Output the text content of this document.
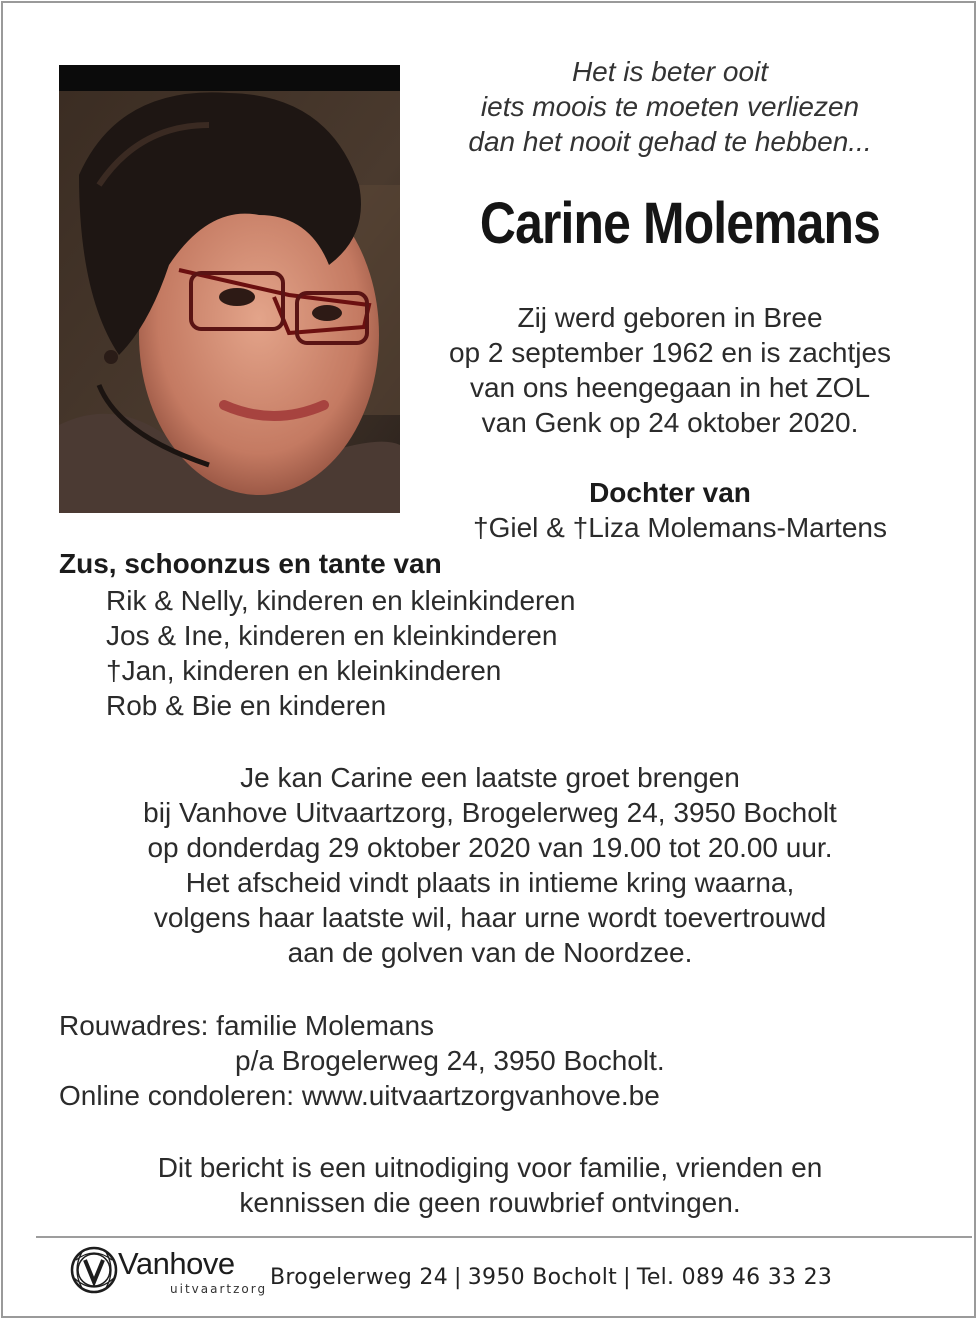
Het is beter ooit
iets moois te moeten verliezen
dan het nooit gehad te hebben...
Carine Molemans
Zij werd geboren in Bree
op 2 september 1962 en is zachtjes
van ons heengegaan in het ZOL
van Genk op 24 oktober 2020.
Dochter van
†Giel & †Liza Molemans-Martens
Zus, schoonzus en tante van
Rik & Nelly, kinderen en kleinkinderen
Jos & Ine, kinderen en kleinkinderen
†Jan, kinderen en kleinkinderen
Rob & Bie en kinderen
Je kan Carine een laatste groet brengen
bij Vanhove Uitvaartzorg, Brogelerweg 24, 3950 Bocholt
op donderdag 29 oktober 2020 van 19.00 tot 20.00 uur.
Het afscheid vindt plaats in intieme kring waarna,
volgens haar laatste wil, haar urne wordt toevertrouwd
aan de golven van de Noordzee.
Rouwadres: familie Molemans
p/a Brogelerweg 24, 3950 Bocholt.
Online condoleren: www.uitvaartzorgvanhove.be
Dit bericht is een uitnodiging voor familie, vrienden en
kennissen die geen rouwbrief ontvingen.
Vanhove
uitvaartzorg Brogelerweg 24 | 3950 Bocholt | Tel. 089 46 33 23
